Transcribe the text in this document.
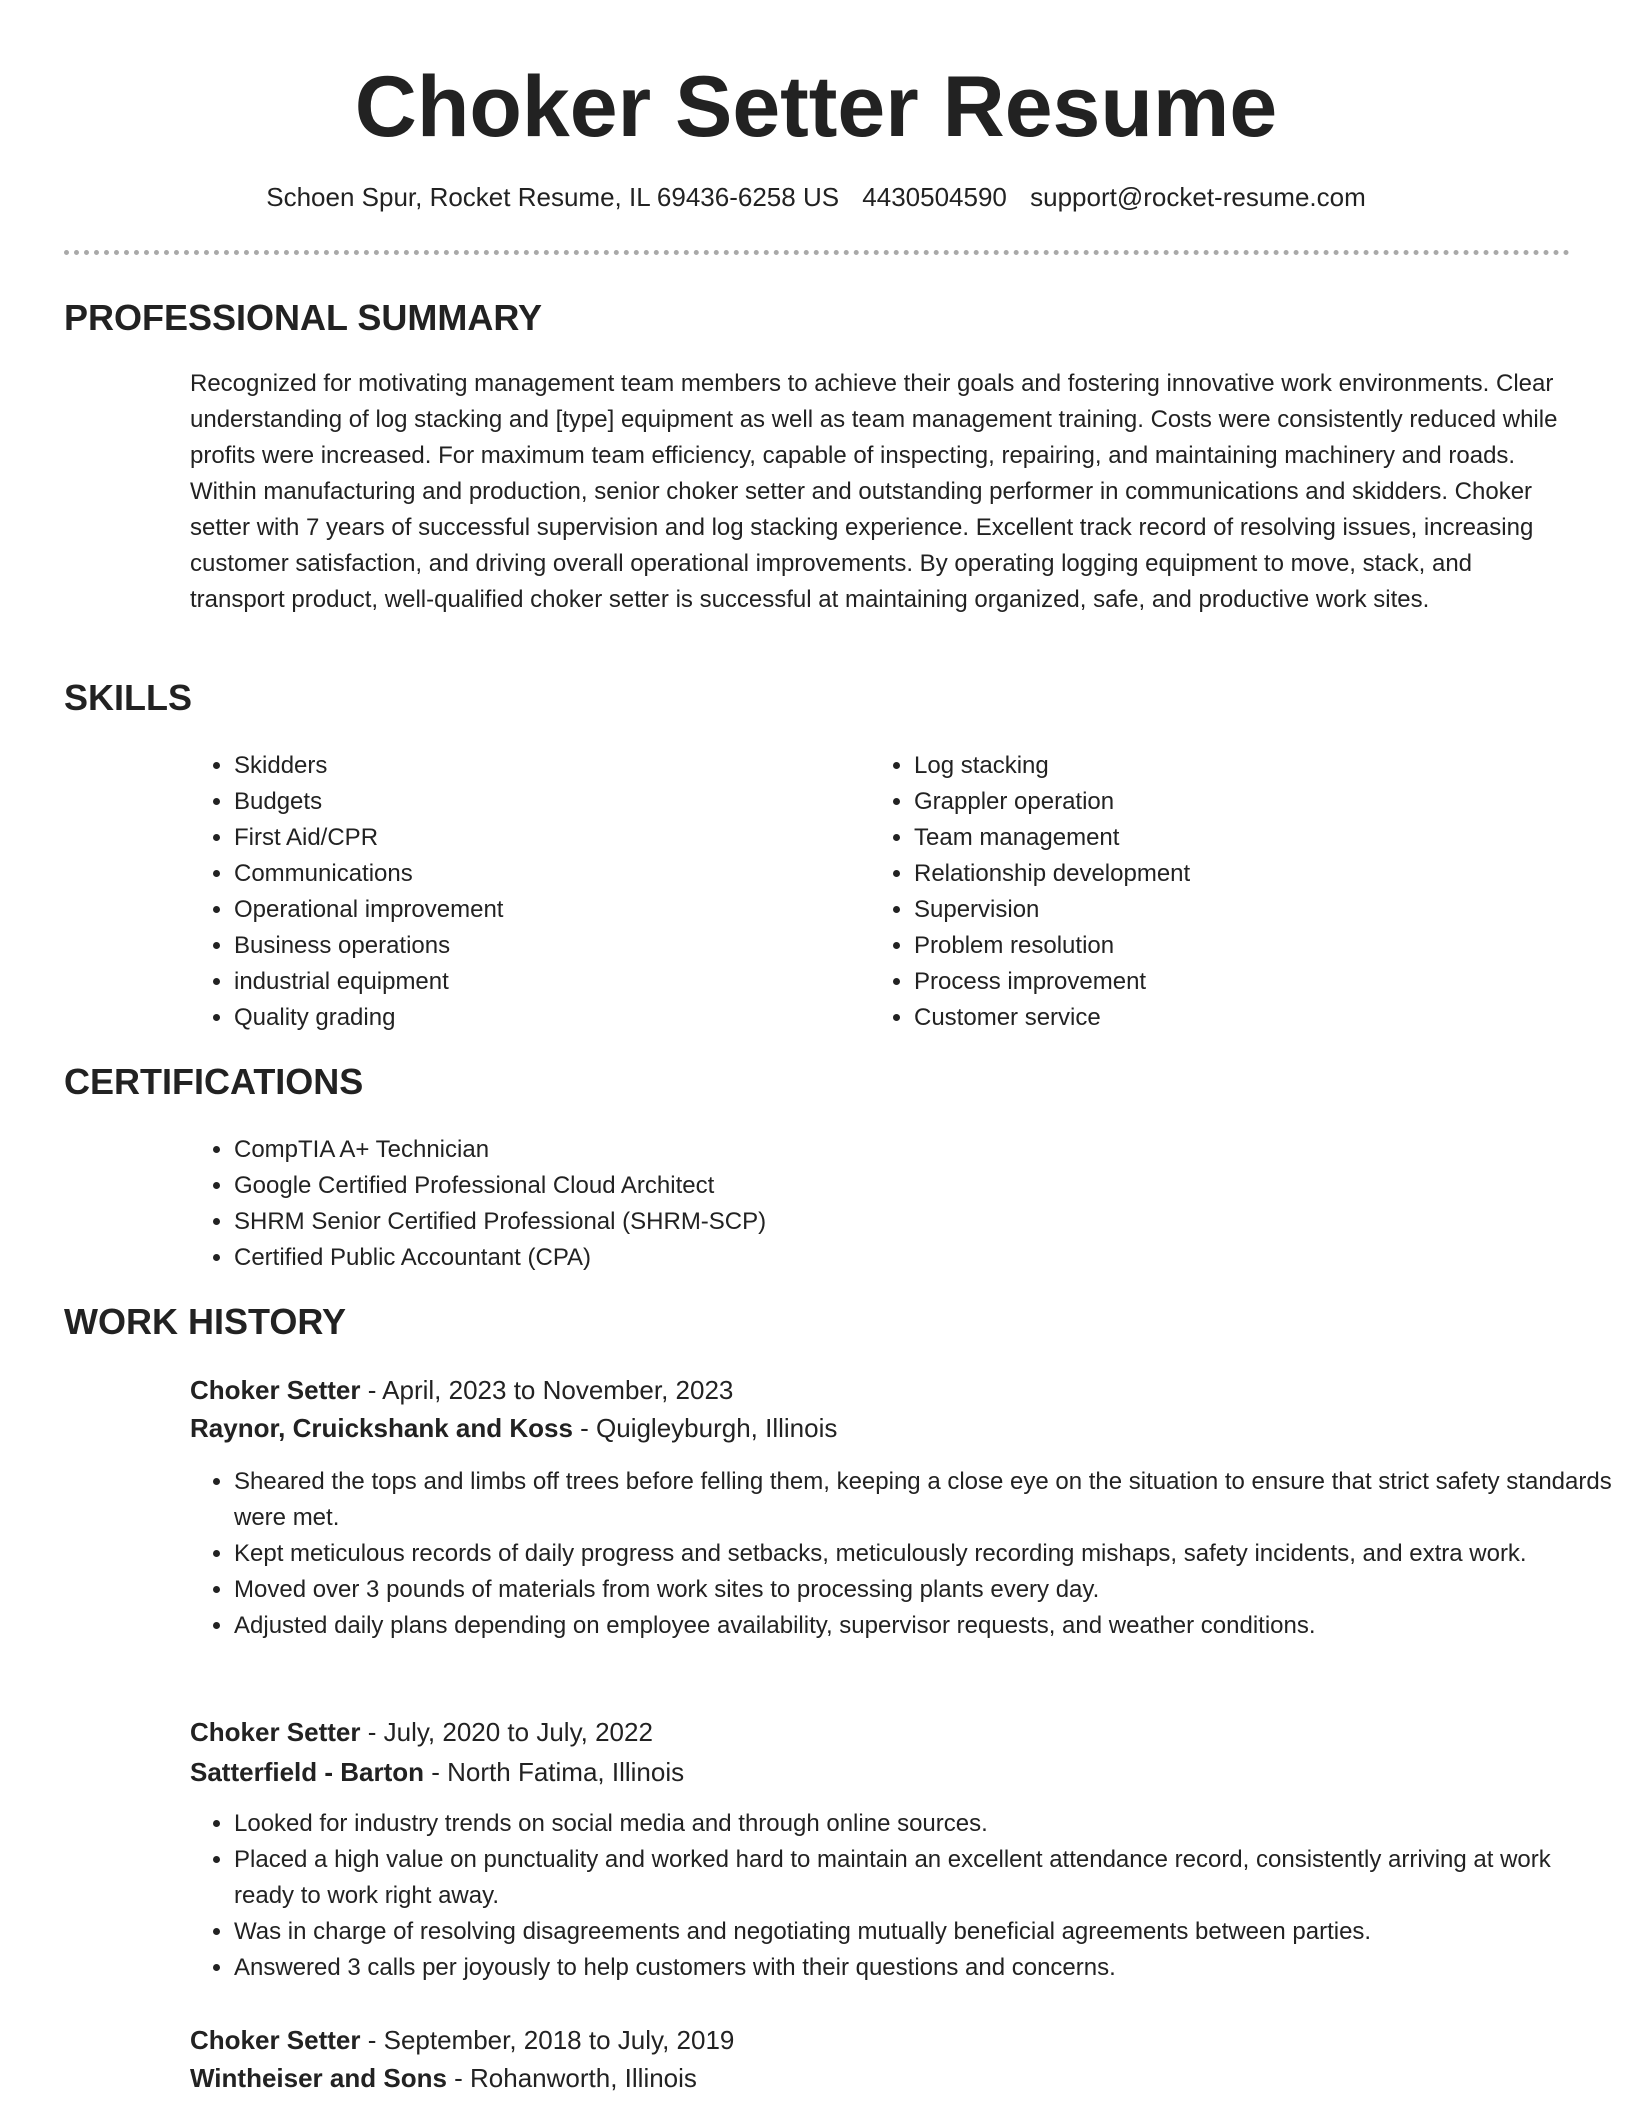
Choker Setter Resume
Schoen Spur, Rocket Resume, IL 69436-6258 US 4430504590 support@rocket-resume.com
PROFESSIONAL SUMMARY

Recognized for motivating management team members to achieve their goals and fostering innovative work environments. Clear understanding of log stacking and [type] equipment as well as team management training. Costs were consistently reduced while profits were increased. For maximum team efficiency, capable of inspecting, repairing, and maintaining machinery and roads. Within manufacturing and production, senior choker setter and outstanding performer in communications and skidders. Choker setter with 7 years of successful supervision and log stacking experience. Excellent track record of resolving issues, increasing customer satisfaction, and driving overall operational improvements. By operating logging equipment to move, stack, and transport product, well-qualified choker setter is successful at maintaining organized, safe, and productive work sites.

SKILLS
• Skidders
• Budgets
• First Aid/CPR
• Communications
• Operational improvement
• Business operations
• industrial equipment
• Quality grading
• Log stacking
• Grappler operation
• Team management
• Relationship development
• Supervision
• Problem resolution
• Process improvement
• Customer service
CERTIFICATIONS
• CompTIA A+ Technician
• Google Certified Professional Cloud Architect
• SHRM Senior Certified Professional (SHRM-SCP)
• Certified Public Accountant (CPA)
WORK HISTORY
Choker Setter - April, 2023 to November, 2023
Raynor, Cruickshank and Koss - Quigleyburgh, Illinois
• Sheared the tops and limbs off trees before felling them, keeping a close eye on the situation to ensure that strict safety standards were met.
• Kept meticulous records of daily progress and setbacks, meticulously recording mishaps, safety incidents, and extra work.
• Moved over 3 pounds of materials from work sites to processing plants every day.
• Adjusted daily plans depending on employee availability, supervisor requests, and weather conditions.
Choker Setter - July, 2020 to July, 2022
Satterfield - Barton - North Fatima, Illinois
• Looked for industry trends on social media and through online sources.
• Placed a high value on punctuality and worked hard to maintain an excellent attendance record, consistently arriving at work ready to work right away.
• Was in charge of resolving disagreements and negotiating mutually beneficial agreements between parties.
• Answered 3 calls per joyously to help customers with their questions and concerns.
Choker Setter - September, 2018 to July, 2019
Wintheiser and Sons - Rohanworth, Illinois
